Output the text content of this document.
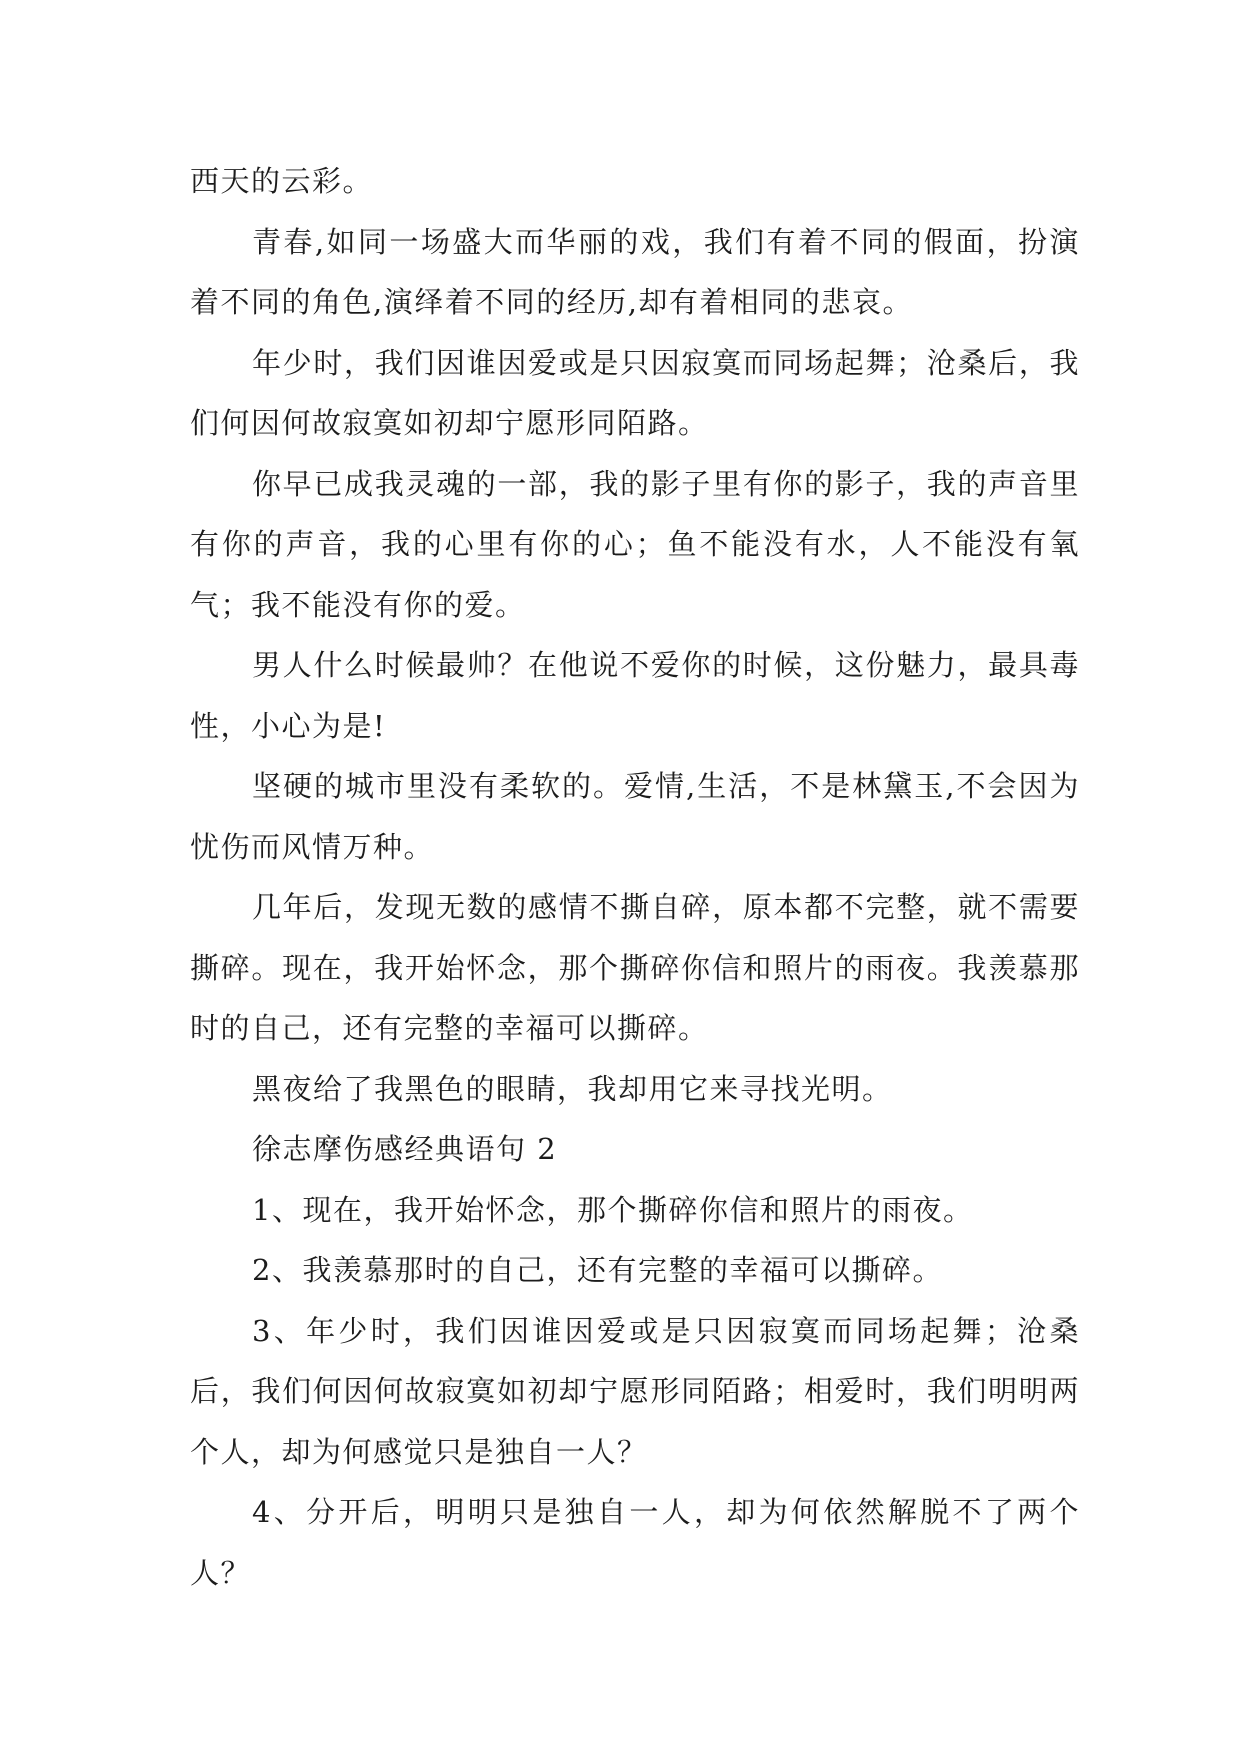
西天的云彩。

青春,如同一场盛大而华丽的戏，我们有着不同的假面，扮演着不同的角色,演绎着不同的经历,却有着相同的悲哀。

年少时，我们因谁因爱或是只因寂寞而同场起舞；沧桑后，我们何因何故寂寞如初却宁愿形同陌路。

你早已成我灵魂的一部，我的影子里有你的影子，我的声音里有你的声音，我的心里有你的心；鱼不能没有水，人不能没有氧气；我不能没有你的爱。

男人什么时候最帅？在他说不爱你的时候，这份魅力，最具毒性，小心为是!

坚硬的城市里没有柔软的。爱情,生活，不是林黛玉,不会因为忧伤而风情万种。

几年后，发现无数的感情不撕自碎，原本都不完整，就不需要撕碎。现在，我开始怀念，那个撕碎你信和照片的雨夜。我羡慕那时的自己，还有完整的幸福可以撕碎。

黑夜给了我黑色的眼睛，我却用它来寻找光明。

徐志摩伤感经典语句 2

1、现在，我开始怀念，那个撕碎你信和照片的雨夜。

2、我羡慕那时的自己，还有完整的幸福可以撕碎。

3、年少时，我们因谁因爱或是只因寂寞而同场起舞；沧桑后，我们何因何故寂寞如初却宁愿形同陌路；相爱时，我们明明两个人，却为何感觉只是独自一人？

4、分开后，明明只是独自一人，却为何依然解脱不了两个人？
